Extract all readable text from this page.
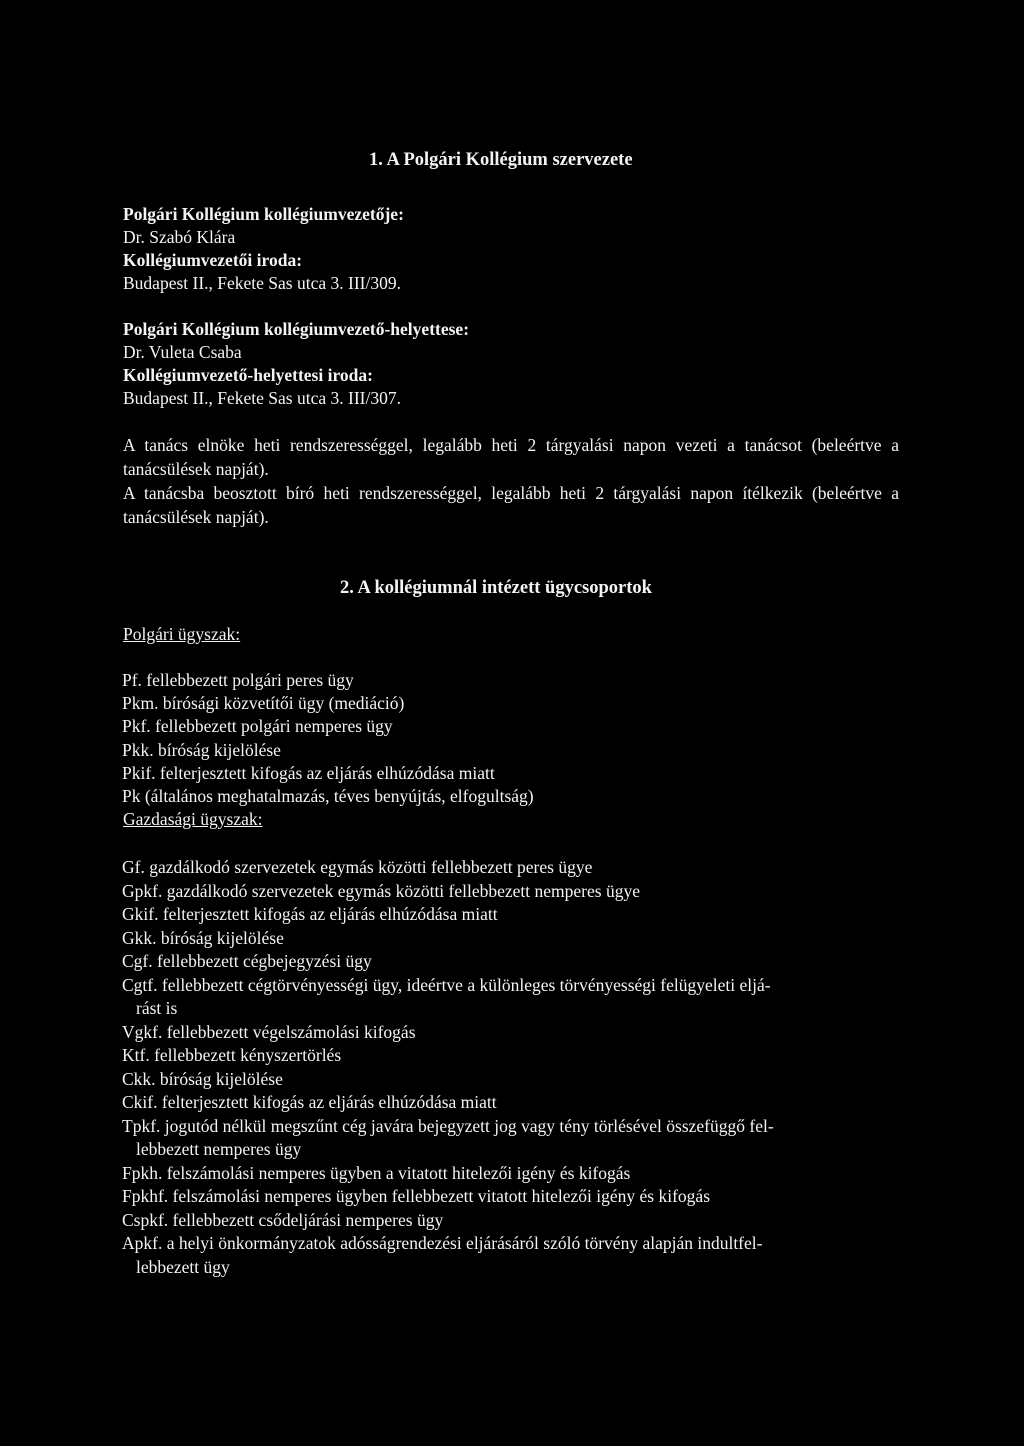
1. A Polgári Kollégium szervezete
Polgári Kollégium kollégiumvezetője:
Dr. Szabó Klára
Kollégiumvezetői iroda:
Budapest II., Fekete Sas utca 3. III/309.
Polgári Kollégium kollégiumvezető-helyettese:
Dr. Vuleta Csaba
Kollégiumvezető-helyettesi iroda:
Budapest II., Fekete Sas utca 3. III/307.
A tanács elnöke heti rendszerességgel, legalább heti 2 tárgyalási napon vezeti a tanácsot (beleértve a tanácsülések napját).
A tanácsba beosztott bíró heti rendszerességgel, legalább heti 2 tárgyalási napon ítélkezik (beleértve a tanácsülések napját).
2. A kollégiumnál intézett ügycsoportok
Polgári ügyszak:
Pf. fellebbezett polgári peres ügy
Pkm. bírósági közvetítői ügy (mediáció)
Pkf. fellebbezett polgári nemperes ügy
Pkk. bíróság kijelölése
Pkif. felterjesztett kifogás az eljárás elhúzódása miatt
Pk (általános meghatalmazás, téves benyújtás, elfogultság)
Gazdasági ügyszak:
Gf. gazdálkodó szervezetek egymás közötti fellebbezett peres ügye
Gpkf. gazdálkodó szervezetek egymás közötti fellebbezett nemperes ügye
Gkif. felterjesztett kifogás az eljárás elhúzódása miatt
Gkk. bíróság kijelölése
Cgf. fellebbezett cégbejegyzési ügy
Cgtf. fellebbezett cégtörvényességi ügy, ideértve a különleges törvényességi felügyeleti eljá-
rást is
Vgkf. fellebbezett végelszámolási kifogás
Ktf. fellebbezett kényszertörlés
Ckk. bíróság kijelölése
Ckif. felterjesztett kifogás az eljárás elhúzódása miatt
Tpkf. jogutód nélkül megszűnt cég javára bejegyzett jog vagy tény törlésével összefüggő fel-
lebbezett nemperes ügy
Fpkh. felszámolási nemperes ügyben a vitatott hitelezői igény és kifogás
Fpkhf. felszámolási nemperes ügyben fellebbezett vitatott hitelezői igény és kifogás
Cspkf. fellebbezett csődeljárási nemperes ügy
Apkf. a helyi önkormányzatok adósságrendezési eljárásáról szóló törvény alapján indultfel-
lebbezett ügy
